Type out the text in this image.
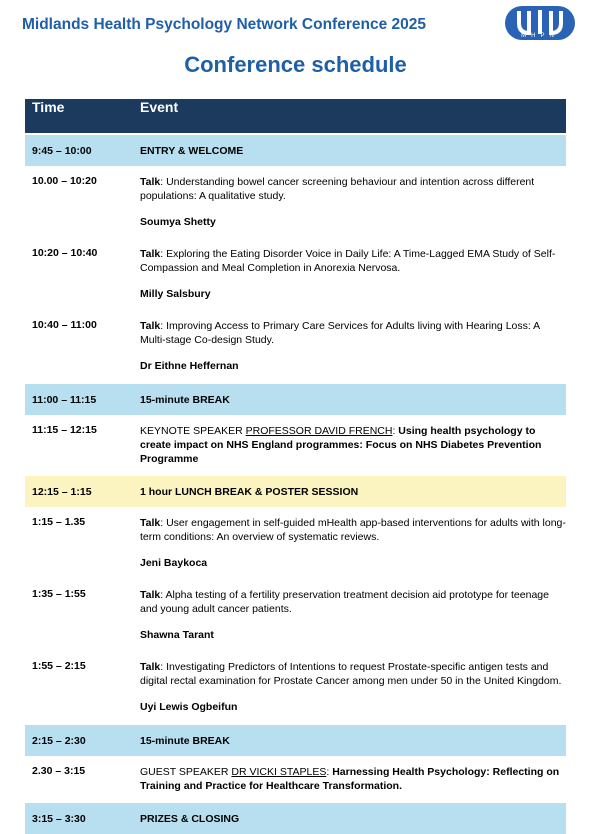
Midlands Health Psychology Network Conference 2025
MHPN
Conference schedule
Time	Event
9:45 – 10:00	ENTRY & WELCOME
10.00 – 10:20	Talk: Understanding bowel cancer screening behaviour and intention across different populations: A qualitative study.
Soumya Shetty

10:20 – 10:40	Talk: Exploring the Eating Disorder Voice in Daily Life: A Time-Lagged EMA Study of Self-Compassion and Meal Completion in Anorexia Nervosa.
Milly Salsbury

10:40 – 11:00	Talk: Improving Access to Primary Care Services for Adults living with Hearing Loss: A Multi-stage Co-design Study.
Dr Eithne Heffernan

11:00 – 11:15	15-minute BREAK
11:15 – 12:15	KEYNOTE SPEAKER PROFESSOR DAVID FRENCH: Using health psychology to create impact on NHS England programmes: Focus on NHS Diabetes Prevention Programme

12:15 – 1:15	1 hour LUNCH BREAK & POSTER SESSION
1:15 – 1.35	Talk: User engagement in self-guided mHealth app-based interventions for adults with long-term conditions: An overview of systematic reviews.
Jeni Baykoca

1:35 – 1:55	Talk: Alpha testing of a fertility preservation treatment decision aid prototype for teenage and young adult cancer patients.
Shawna Tarant

1:55 – 2:15	Talk: Investigating Predictors of Intentions to request Prostate-specific antigen tests and digital rectal examination for Prostate Cancer among men under 50 in the United Kingdom.
Uyi Lewis Ogbeifun

2:15 – 2:30	15-minute BREAK
2.30 – 3:15	GUEST SPEAKER DR VICKI STAPLES: Harnessing Health Psychology: Reflecting on Training and Practice for Healthcare Transformation.

3:15 – 3:30	PRIZES & CLOSING
